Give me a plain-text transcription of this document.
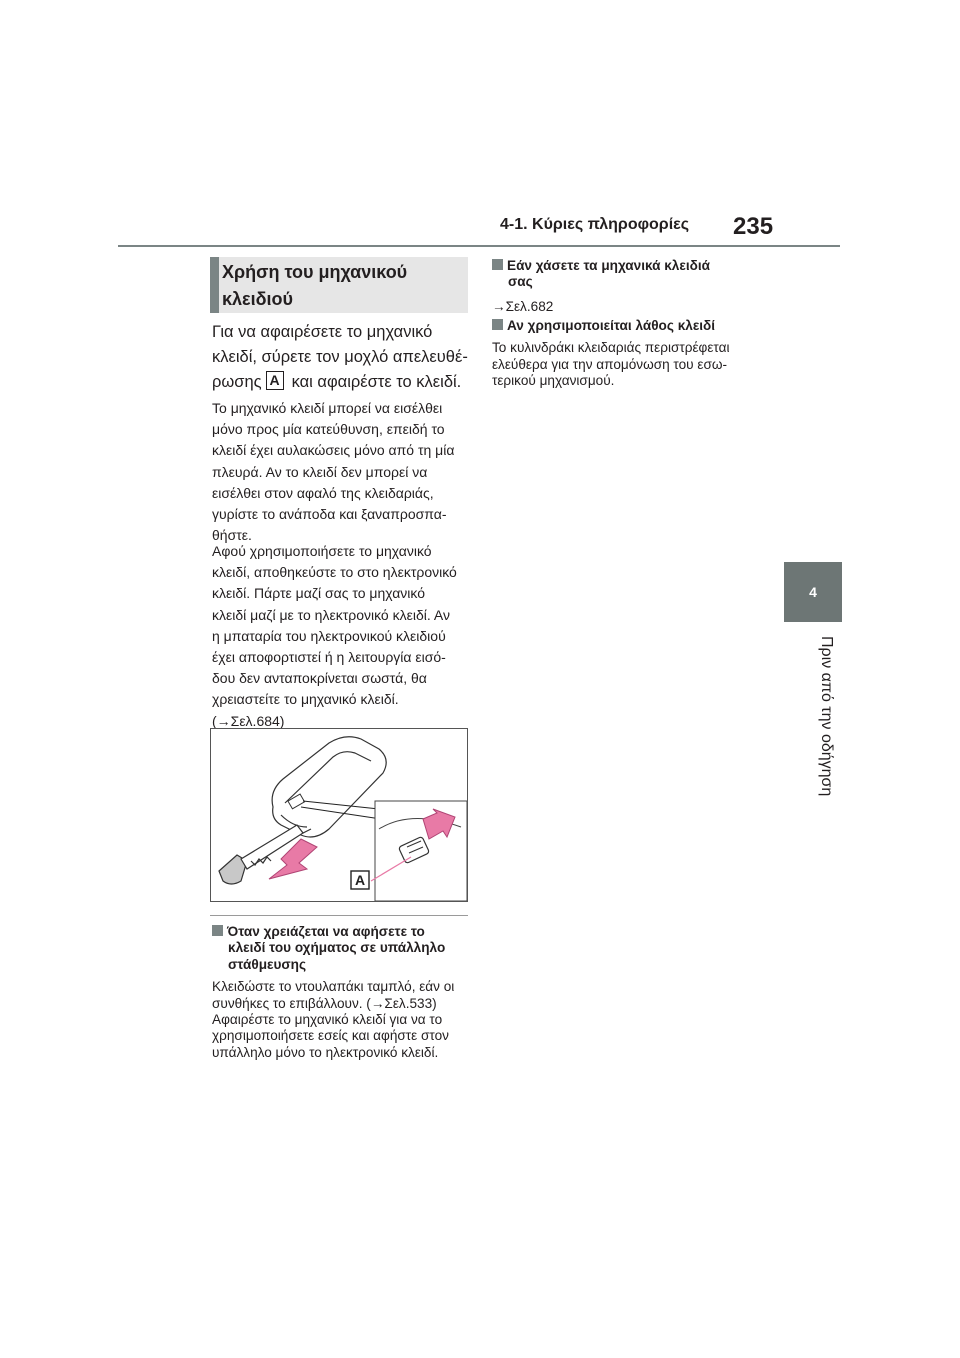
4-1. Κύριες πληροφορίες 235
4
Πριν από την οδήγηση
Χρήση του μηχανικού
κλειδιού
Για να αφαιρέσετε το μηχανικό
κλειδί, σύρετε τον μοχλό απελευθέ-
ρωσης A και αφαιρέστε το κλειδί.
Το μηχανικό κλειδί μπορεί να εισέλθει
μόνο προς μία κατεύθυνση, επειδή το
κλειδί έχει αυλακώσεις μόνο από τη μία
πλευρά. Αν το κλειδί δεν μπορεί να
εισέλθει στον αφαλό της κλειδαριάς,
γυρίστε το ανάποδα και ξαναπροσπα-
θήστε.
Αφού χρησιμοποιήσετε το μηχανικό
κλειδί, αποθηκεύστε το στο ηλεκτρονικό
κλειδί. Πάρτε μαζί σας το μηχανικό
κλειδί μαζί με το ηλεκτρονικό κλειδί. Αν
η μπαταρία του ηλεκτρονικού κλειδιού
έχει αποφορτιστεί ή η λειτουργία εισό-
δου δεν ανταποκρίνεται σωστά, θα
χρειαστείτε το μηχανικό κλειδί.
(→Σελ.684)
A
Όταν χρειάζεται να αφήσετε το
κλειδί του οχήματος σε υπάλληλο
στάθμευσης
Κλειδώστε το ντουλαπάκι ταμπλό, εάν οι
συνθήκες το επιβάλλουν. (→Σελ.533)
Αφαιρέστε το μηχανικό κλειδί για να το
χρησιμοποιήσετε εσείς και αφήστε στον
υπάλληλο μόνο το ηλεκτρονικό κλειδί.
Εάν χάσετε τα μηχανικά κλειδιά
σας
→Σελ.682
Αν χρησιμοποιείται λάθος κλειδί
Το κυλινδράκι κλειδαριάς περιστρέφεται
ελεύθερα για την απομόνωση του εσω-
τερικού μηχανισμού.
